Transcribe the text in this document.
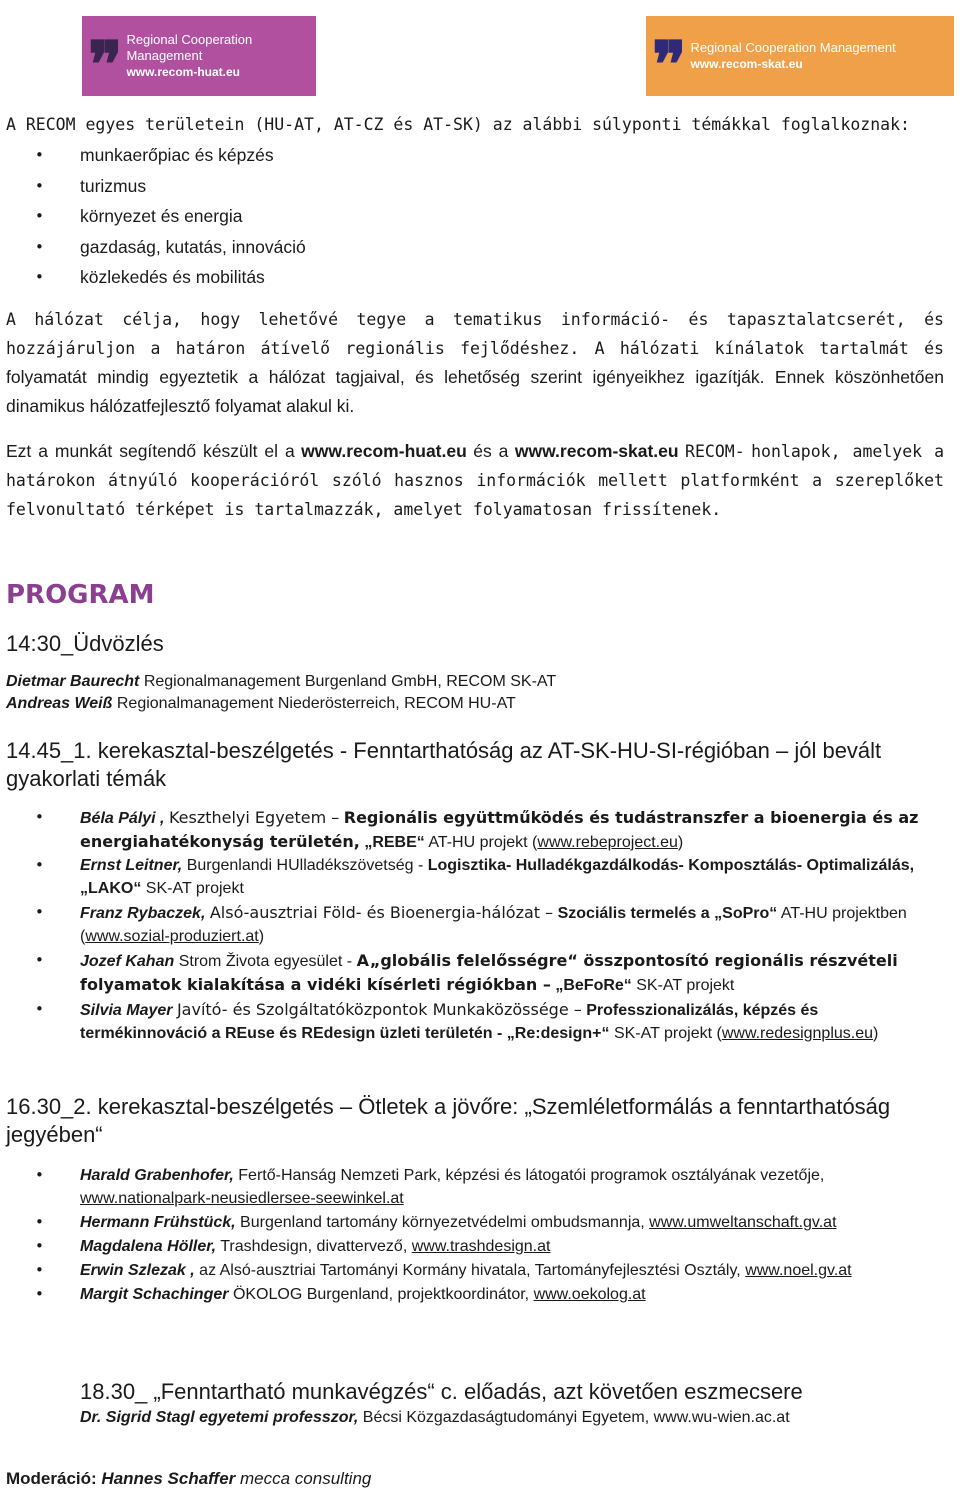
❞ Regional Cooperation Management
www.recom-huat.eu	❞ Regional Cooperation Management
www.recom-skat.eu
A RECOM egyes területein (HU-AT, AT-CZ és AT-SK) az alábbi súlyponti témákkal foglalkoznak:
• munkaerőpiac és képzés
• turizmus
• környezet és energia
• gazdaság, kutatás, innováció
• közlekedés és mobilitás
A hálózat célja, hogy lehetővé tegye a tematikus információ- és tapasztalatcserét, és hozzájáruljon a határon átívelő regionális fejlődéshez. A hálózati kínálatok tartalmát és
folyamatát mindig egyeztetik a hálózat tagjaival, és lehetőség szerint igényeikhez igazítják. Ennek köszönhetően dinamikus hálózatfejlesztő folyamat alakul ki.
Ezt a munkát segítendő készült el a www.recom-huat.eu és a www.recom-skat.eu RECOM- honlapok, amelyek a határokon átnyúló kooperációról szóló hasznos információk mellett platformként a szereplőket felvonultató térképet is tartalmazzák, amelyet folyamatosan frissítenek.
PROGRAM
14:30_Üdvözlés
Dietmar Baurecht Regionalmanagement Burgenland GmbH, RECOM SK-AT
Andreas Weiß Regionalmanagement Niederösterreich, RECOM HU-AT
14.45_1. kerekasztal-beszélgetés - Fenntarthatóság az AT-SK-HU-SI-régióban – jól bevált gyakorlati témák
• Béla Pályi , Keszthelyi Egyetem – Regionális együttműködés és tudástranszfer a bioenergia és az energiahatékonyság területén, „REBE“ AT-HU projekt (www.rebeproject.eu)
• Ernst Leitner, Burgenlandi HUlladékszövetség - Logisztika- Hulladékgazdálkodás- Komposztálás- Optimalizálás, „LAKO“ SK-AT projekt
• Franz Rybaczek, Alsó-ausztriai Föld- és Bioenergia-hálózat – Szociális termelés a „SoPro“ AT-HU projektben (www.sozial-produziert.at)
• Jozef Kahan Strom Života egyesület - A„globális felelősségre“ összpontosító regionális részvételi folyamatok kialakítása a vidéki kísérleti régiókban – „BeFoRe“ SK-AT projekt
• Silvia Mayer Javító- és Szolgáltatóközpontok Munkaközössége – Professzionalizálás, képzés és termékinnováció a REuse és REdesign üzleti területén - „Re:design+“ SK-AT projekt (www.redesignplus.eu)
16.30_2. kerekasztal-beszélgetés – Ötletek a jövőre: „Szemléletformálás a fenntarthatóság jegyében“
• Harald Grabenhofer, Fertő-Hanság Nemzeti Park, képzési és látogatói programok osztályának vezetője, www.nationalpark-neusiedlersee-seewinkel.at
• Hermann Frühstück, Burgenland tartomány környezetvédelmi ombudsmannja, www.umweltanschaft.gv.at
• Magdalena Höller, Trashdesign, divattervező, www.trashdesign.at
• Erwin Szlezak , az Alsó-ausztriai Tartományi Kormány hivatala, Tartományfejlesztési Osztály, www.noel.gv.at
• Margit Schachinger ÖKOLOG Burgenland, projektkoordinátor, www.oekolog.at
18.30_ „Fenntartható munkavégzés“ c. előadás, azt követően eszmecsere
Dr. Sigrid Stagl egyetemi professzor, Bécsi Közgazdaságtudományi Egyetem, www.wu-wien.ac.at
Moderáció: Hannes Schaffer mecca consulting
